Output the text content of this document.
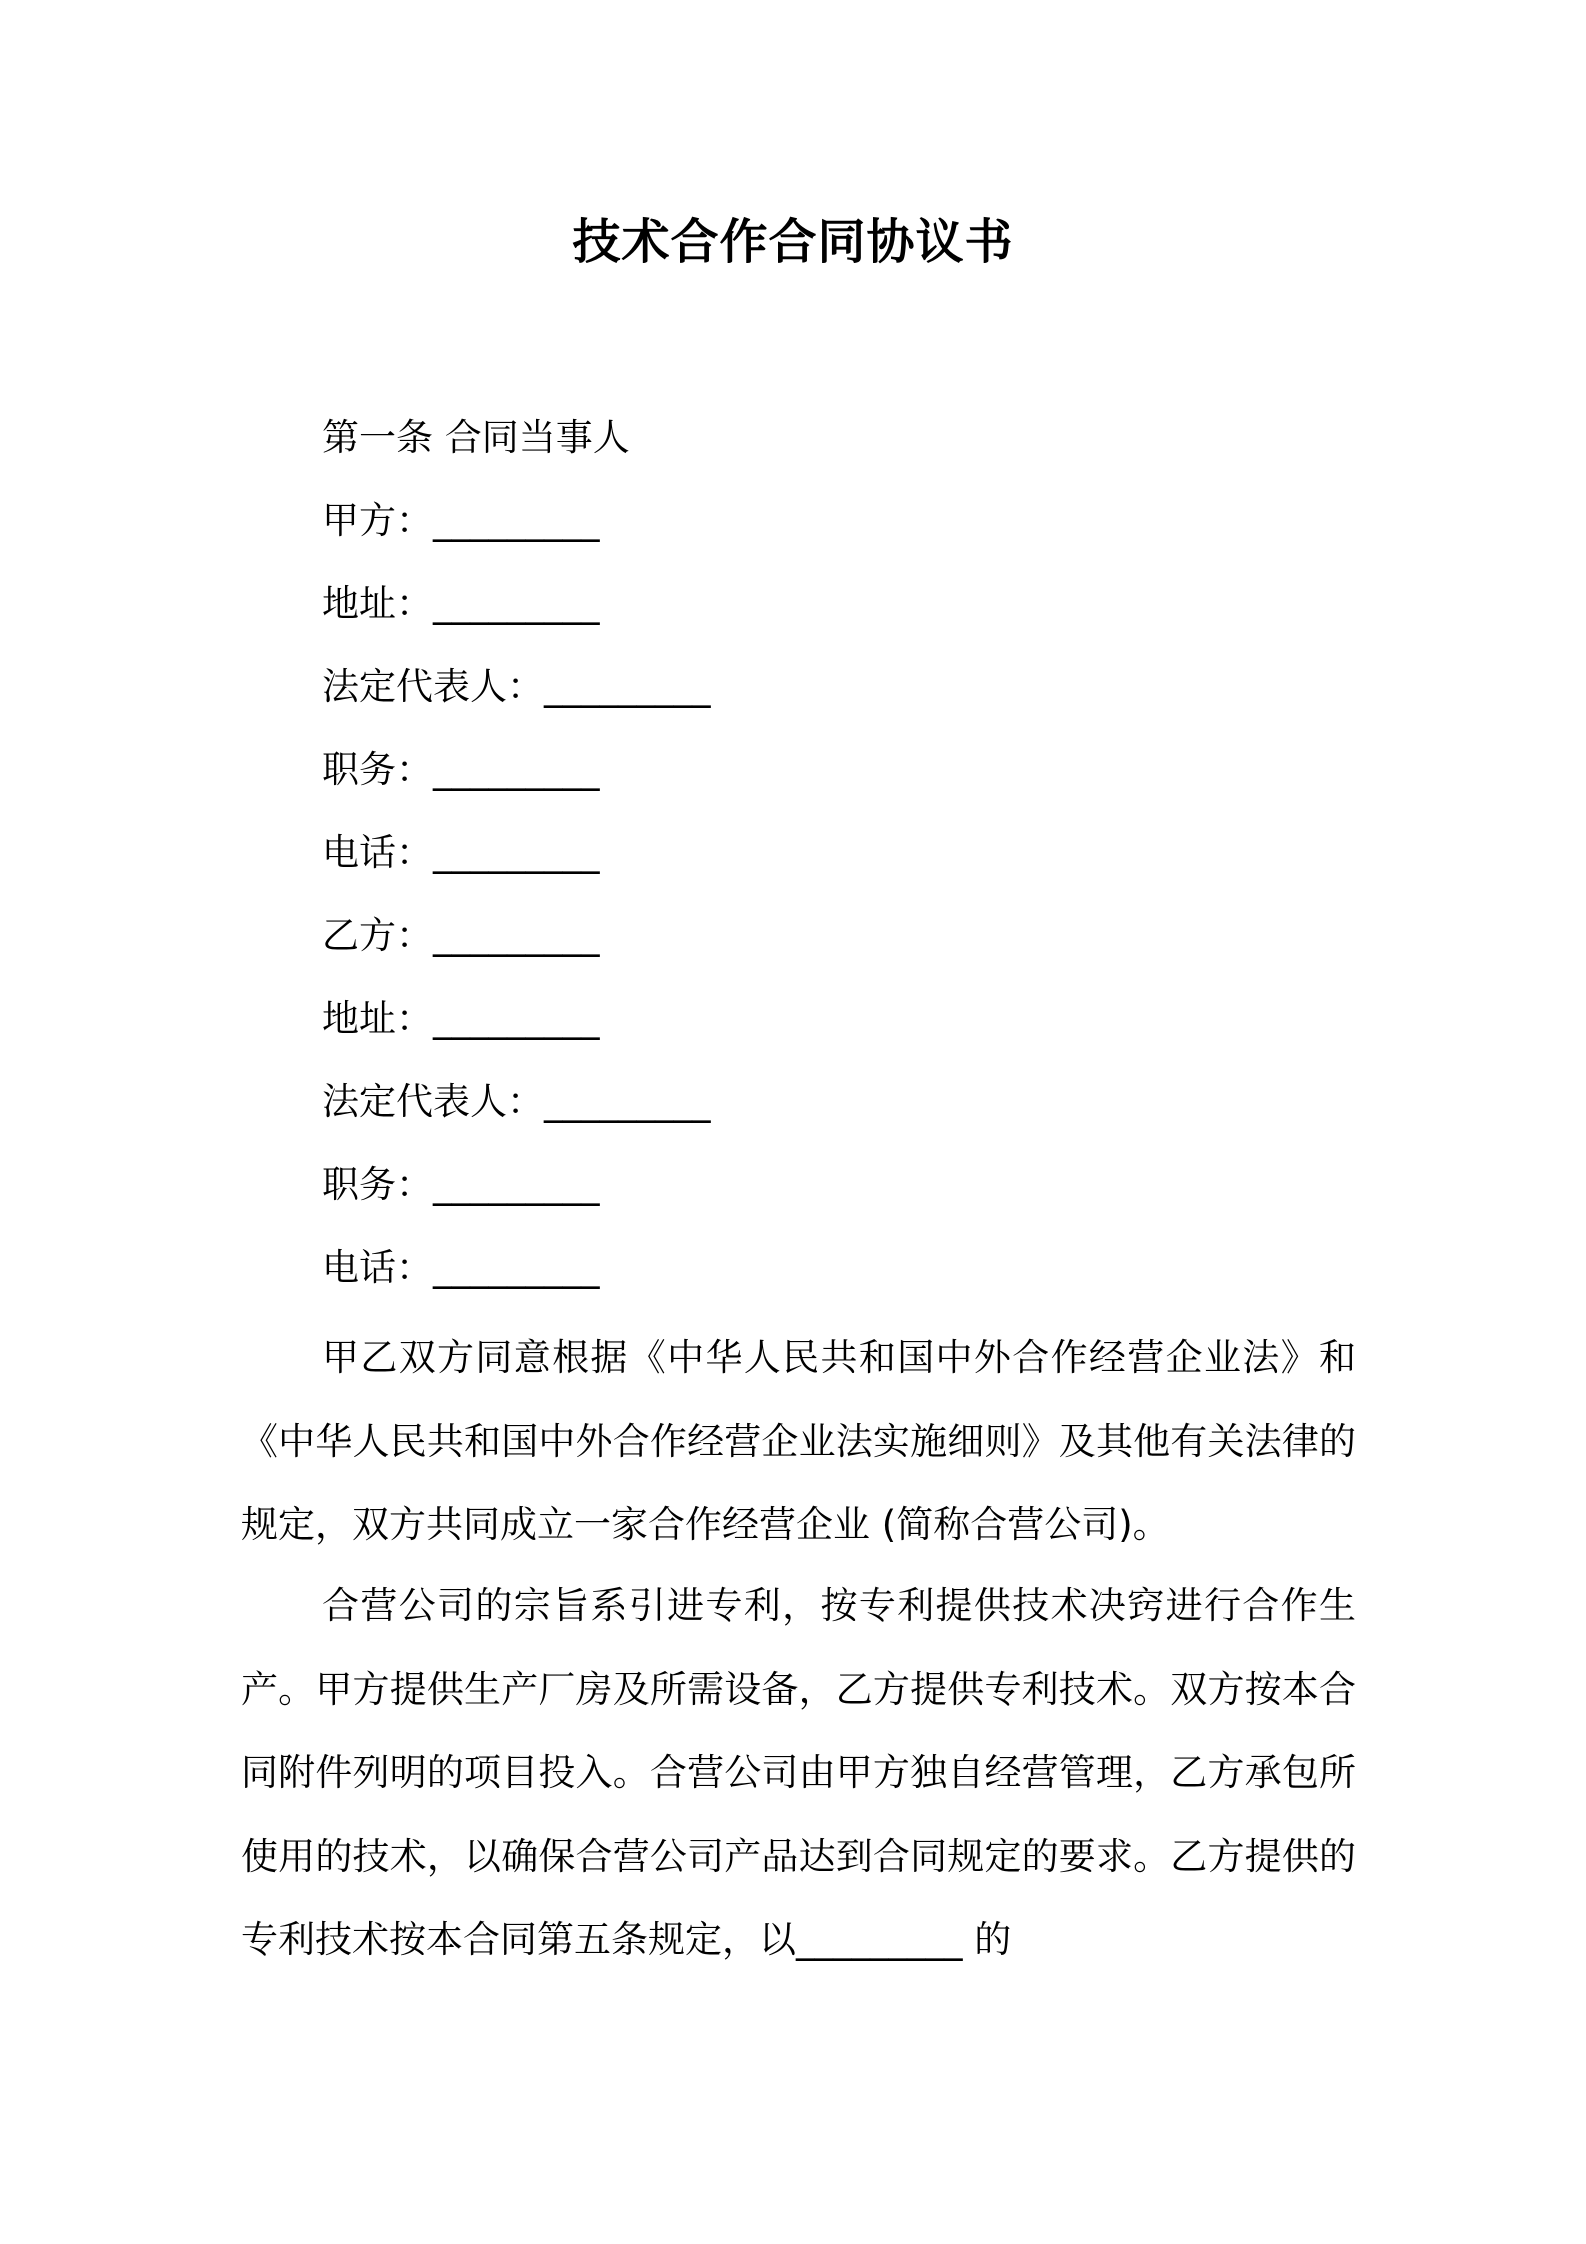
技术合作合同协议书
第一条 合同当事人
甲方：_________
地址：_________
法定代表人：_________
职务：_________
电话：_________
乙方：_________
地址：_________
法定代表人：_________
职务：_________
电话：_________

甲乙双方同意根据《中华人民共和国中外合作经营企业法》和《中华人民共和国中外合作经营企业法实施细则》及其他有关法律的规定，双方共同成立一家合作经营企业 (简称合营公司)。

合营公司的宗旨系引进专利，按专利提供技术决窍进行合作生产。甲方提供生产厂房及所需设备，乙方提供专利技术。双方按本合同附件列明的项目投入。合营公司由甲方独自经营管理，乙方承包所使用的技术，以确保合营公司产品达到合同规定的要求。乙方提供的专利技术按本合同第五条规定，以_________ 的
